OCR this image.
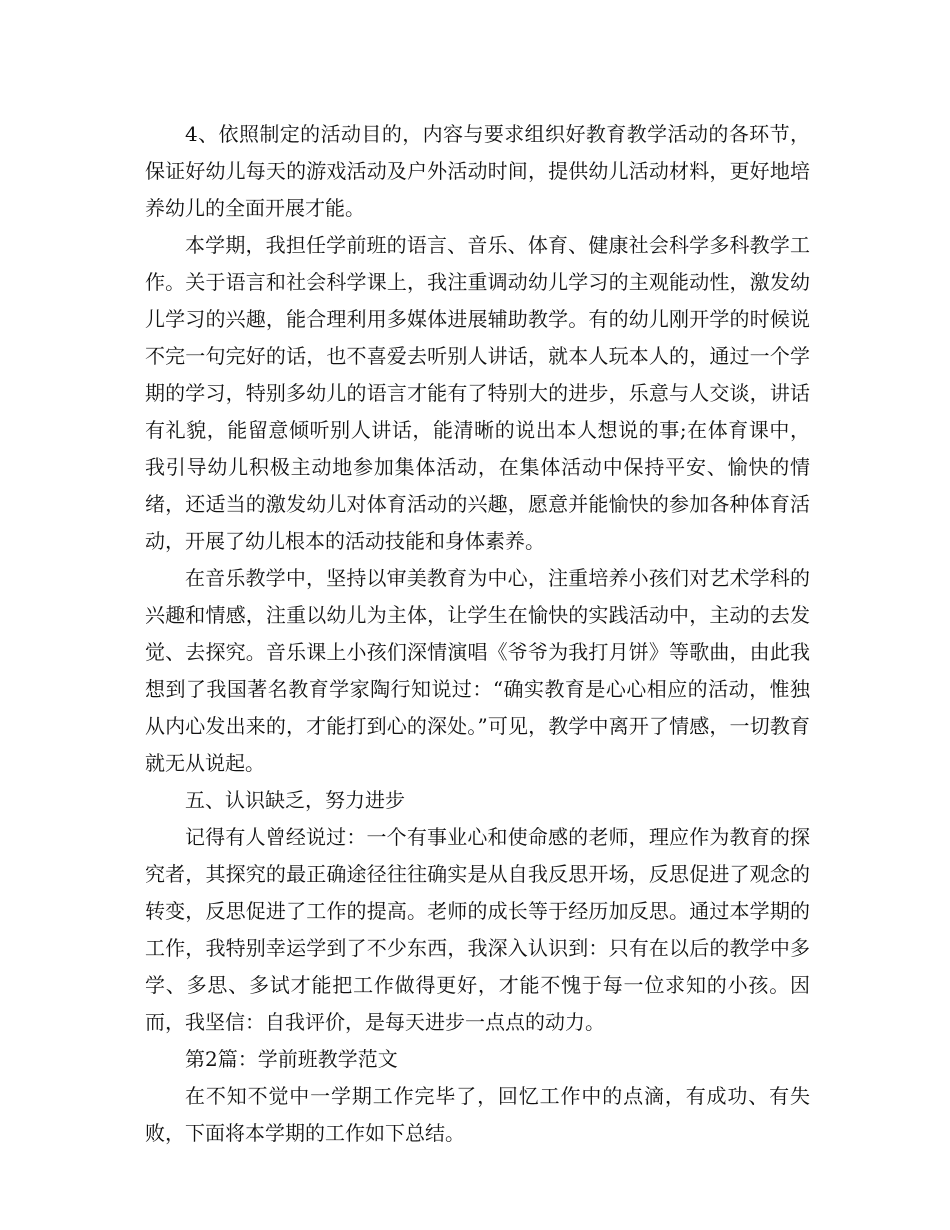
4、依照制定的活动目的，内容与要求组织好教育教学活动的各环节，保证好幼儿每天的游戏活动及户外活动时间，提供幼儿活动材料，更好地培养幼儿的全面开展才能。

本学期，我担任学前班的语言、音乐、体育、健康社会科学多科教学工作。关于语言和社会科学课上，我注重调动幼儿学习的主观能动性，激发幼儿学习的兴趣，能合理利用多媒体进展辅助教学。有的幼儿刚开学的时候说不完一句完好的话，也不喜爱去听别人讲话，就本人玩本人的，通过一个学期的学习，特别多幼儿的语言才能有了特别大的进步，乐意与人交谈，讲话有礼貌，能留意倾听别人讲话，能清晰的说出本人想说的事;在体育课中，我引导幼儿积极主动地参加集体活动，在集体活动中保持平安、愉快的情绪，还适当的激发幼儿对体育活动的兴趣，愿意并能愉快的参加各种体育活动，开展了幼儿根本的活动技能和身体素养。

在音乐教学中，坚持以审美教育为中心，注重培养小孩们对艺术学科的兴趣和情感，注重以幼儿为主体，让学生在愉快的实践活动中，主动的去发觉、去探究。音乐课上小孩们深情演唱《爷爷为我打月饼》等歌曲，由此我想到了我国著名教育学家陶行知说过：“确实教育是心心相应的活动，惟独从内心发出来的，才能打到心的深处。”可见，教学中离开了情感，一切教育就无从说起。

五、认识缺乏，努力进步

记得有人曾经说过：一个有事业心和使命感的老师，理应作为教育的探究者，其探究的最正确途径往往确实是从自我反思开场，反思促进了观念的转变，反思促进了工作的提高。老师的成长等于经历加反思。通过本学期的工作，我特别幸运学到了不少东西，我深入认识到：只有在以后的教学中多学、多思、多试才能把工作做得更好，才能不愧于每一位求知的小孩。因而，我坚信：自我评价，是每天进步一点点的动力。

第2篇：学前班教学范文

在不知不觉中一学期工作完毕了，回忆工作中的点滴，有成功、有失败，下面将本学期的工作如下总结。
